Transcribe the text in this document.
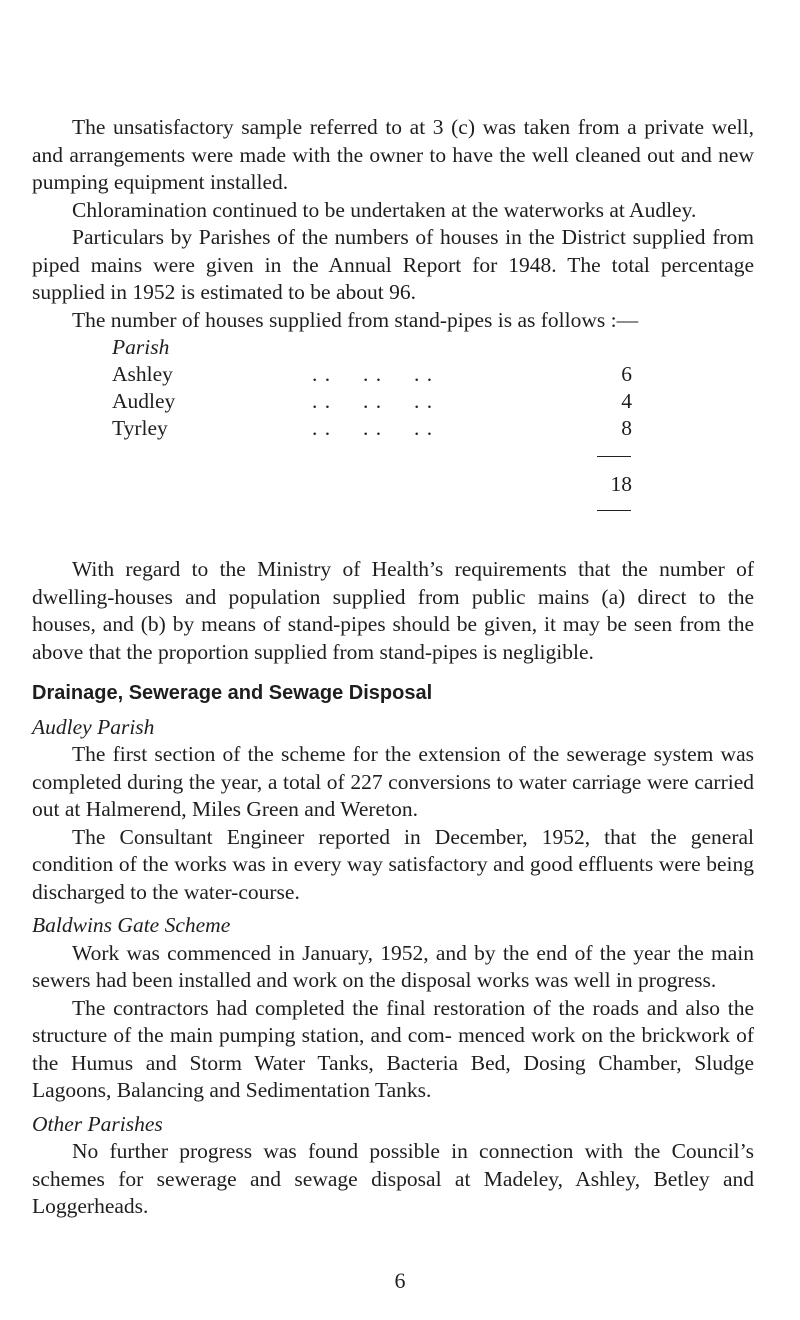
The unsatisfactory sample referred to at 3 (c) was taken from a private well, and arrangements were made with the owner to have the well cleaned out and new pumping equipment installed.

Chloramination continued to be undertaken at the waterworks at Audley.

Particulars by Parishes of the numbers of houses in the District supplied from piped mains were given in the Annual Report for 1948. The total percentage supplied in 1952 is estimated to be about 96.

The number of houses supplied from stand-pipes is as follows :—

Parish
Ashley	. .     . .     . .	6
Audley	. .     . .     . .	4
Tyrley	. .     . .     . .	8
18

With regard to the Ministry of Health’s requirements that the number of dwelling-houses and population supplied from public mains (a) direct to the houses, and (b) by means of stand-pipes should be given, it may be seen from the above that the proportion supplied from stand-pipes is negligible.

Drainage, Sewerage and Sewage Disposal

Audley Parish

The first section of the scheme for the extension of the sewerage system was completed during the year, a total of 227 conversions to water carriage were carried out at Halmerend, Miles Green and Wereton.

The Consultant Engineer reported in December, 1952, that the general condition of the works was in every way satisfactory and good effluents were being discharged to the water-course.

Baldwins Gate Scheme

Work was commenced in January, 1952, and by the end of the year the main sewers had been installed and work on the disposal works was well in progress.

The contractors had completed the final restoration of the roads and also the structure of the main pumping station, and com- menced work on the brickwork of the Humus and Storm Water Tanks, Bacteria Bed, Dosing Chamber, Sludge Lagoons, Balancing and Sedimentation Tanks.

Other Parishes

No further progress was found possible in connection with the Council’s schemes for sewerage and sewage disposal at Madeley, Ashley, Betley and Loggerheads.

6
